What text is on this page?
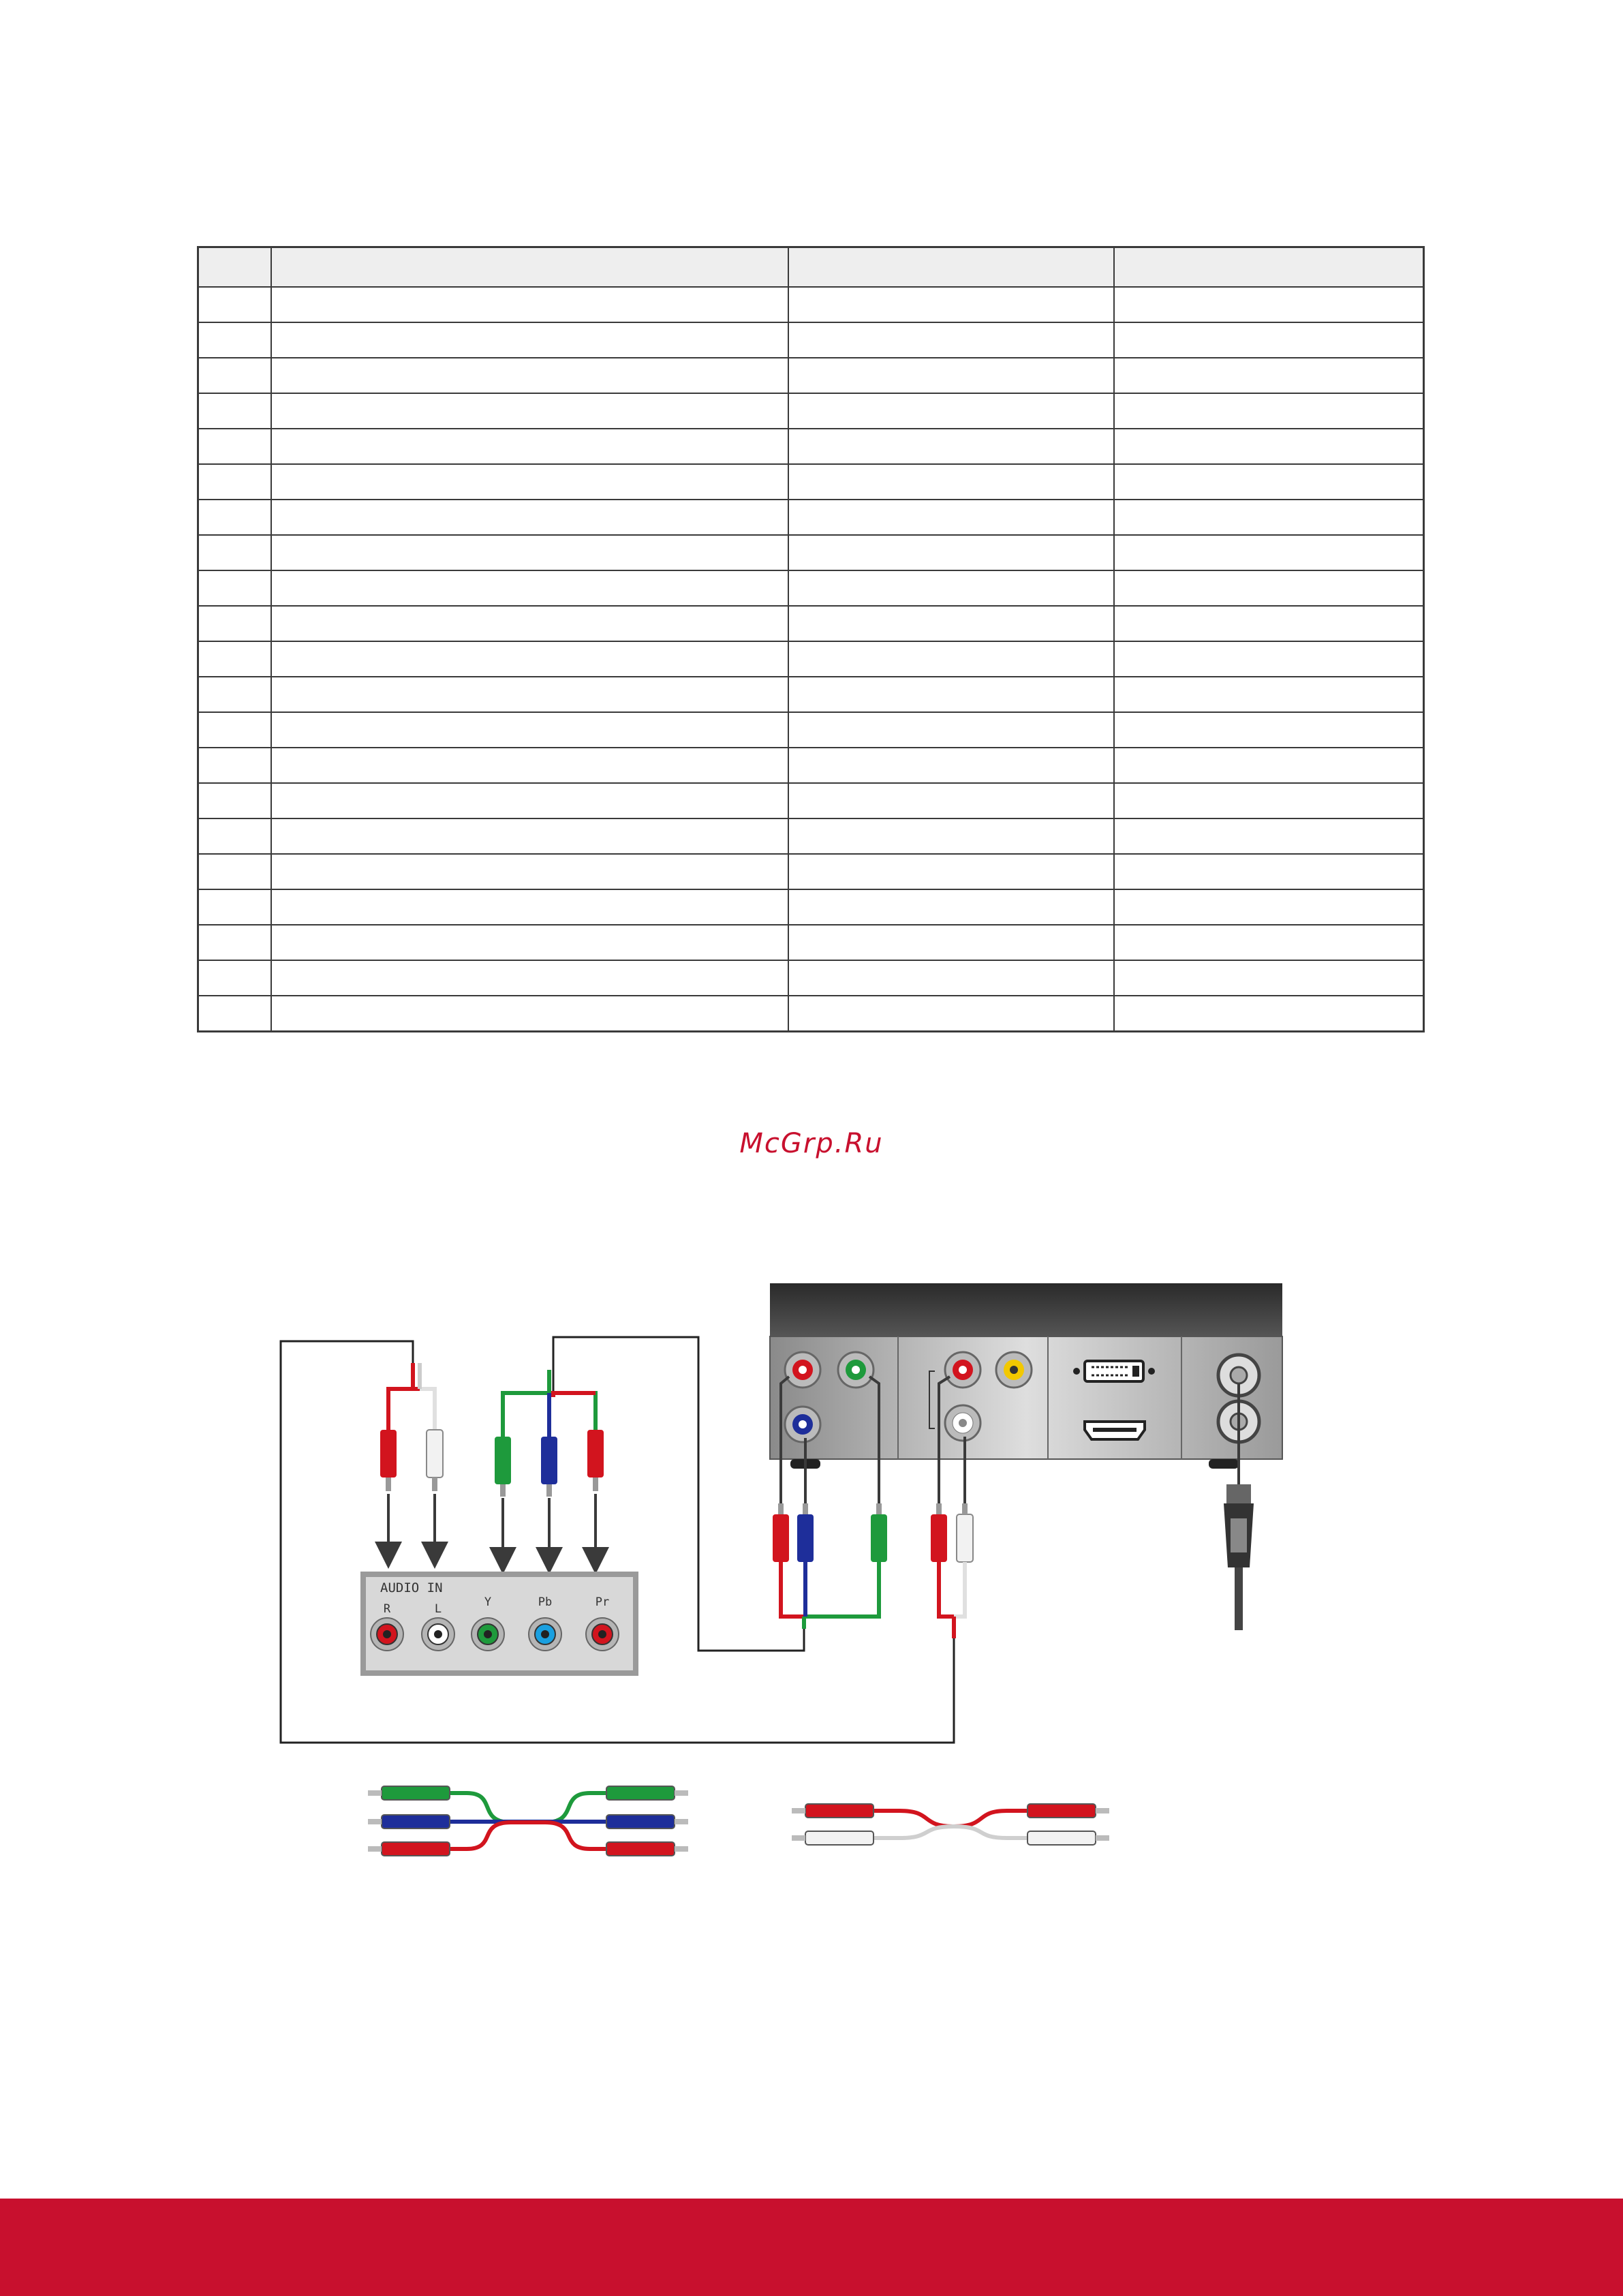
McGrp.Ru
AUDIO IN
R	L	Y	Pb	Pr
